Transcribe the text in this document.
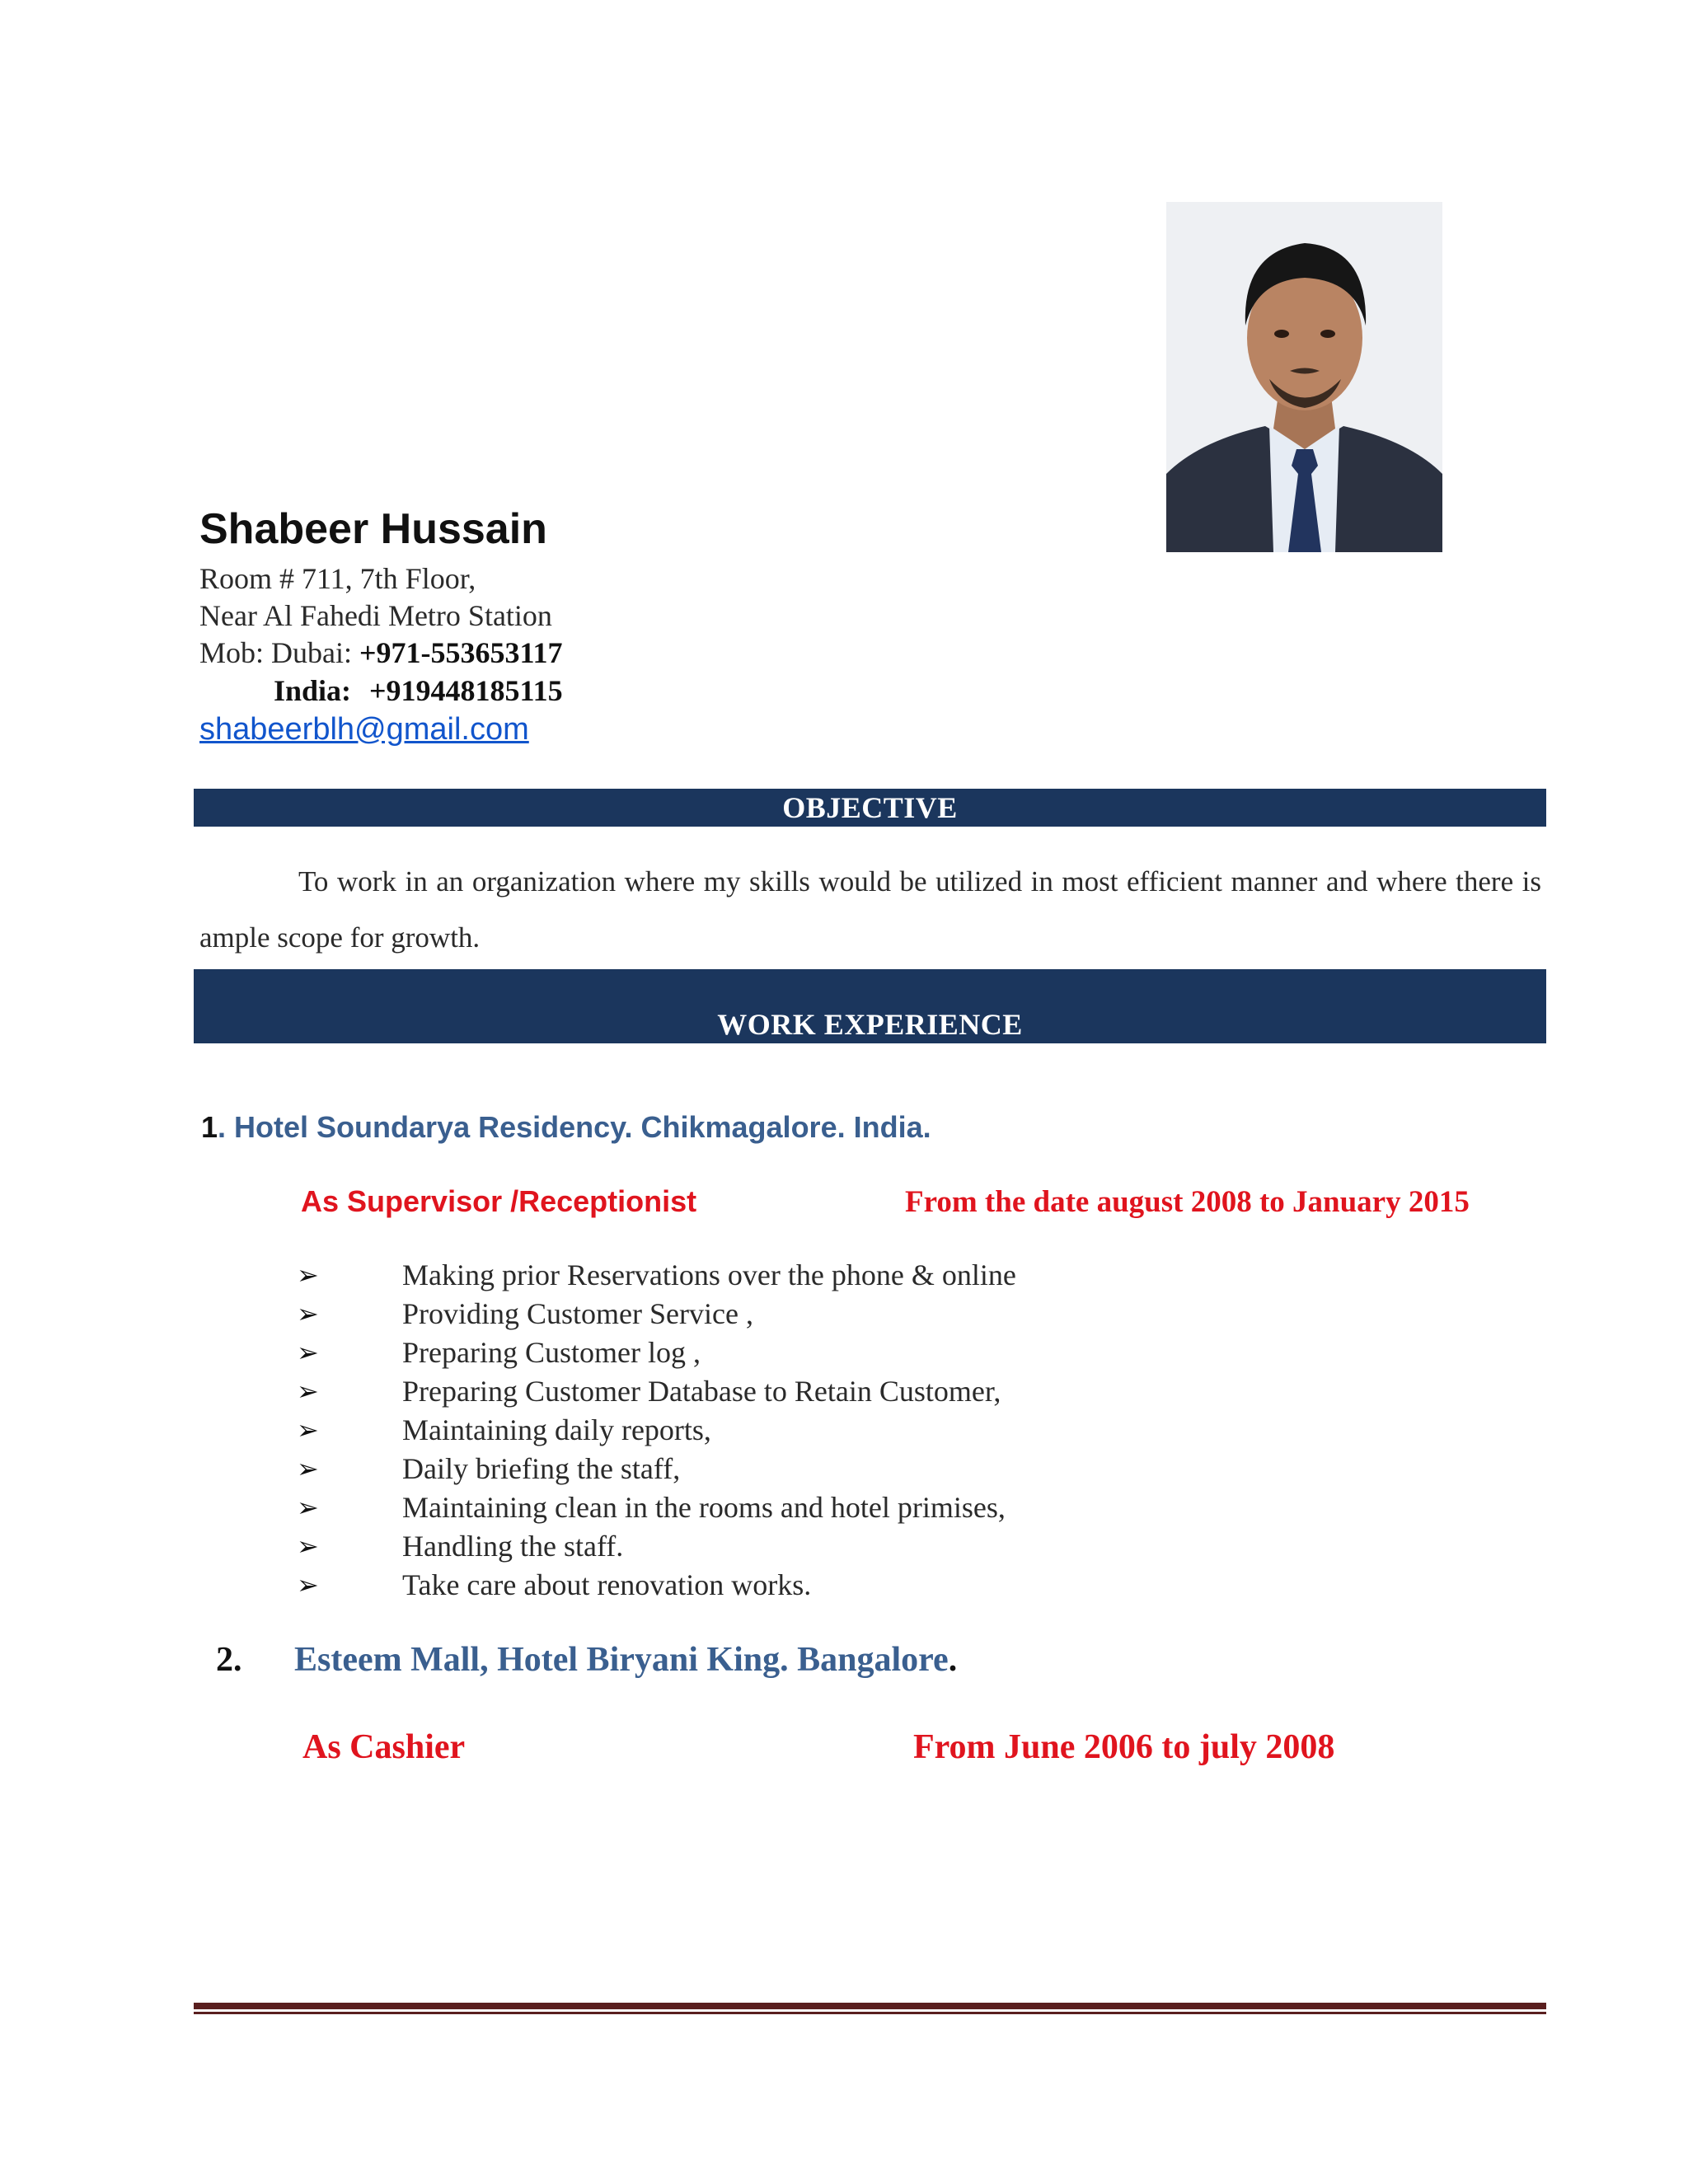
Shabeer Hussain
Room # 711, 7th Floor,
Near Al Fahedi Metro Station
Mob: Dubai: +971-553653117
India: +919448185115
shabeerblh@gmail.com
OBJECTIVE
To work in an organization where my skills would be utilized in most efficient manner and where there is ample scope for growth.
WORK EXPERIENCE
1. Hotel Soundarya Residency. Chikmagalore. India.
As Supervisor /Receptionist	From the date august 2008 to January 2015
➢	Making prior Reservations over the phone & online
➢	Providing Customer Service ,
➢	Preparing Customer log ,
➢	Preparing Customer Database to Retain Customer,
➢	Maintaining daily reports,
➢	Daily briefing the staff,
➢	Maintaining clean in the rooms and hotel primises,
➢	Handling the staff.
➢	Take care about renovation works.
2. Esteem Mall, Hotel Biryani King. Bangalore.
As Cashier	From June 2006 to july 2008
